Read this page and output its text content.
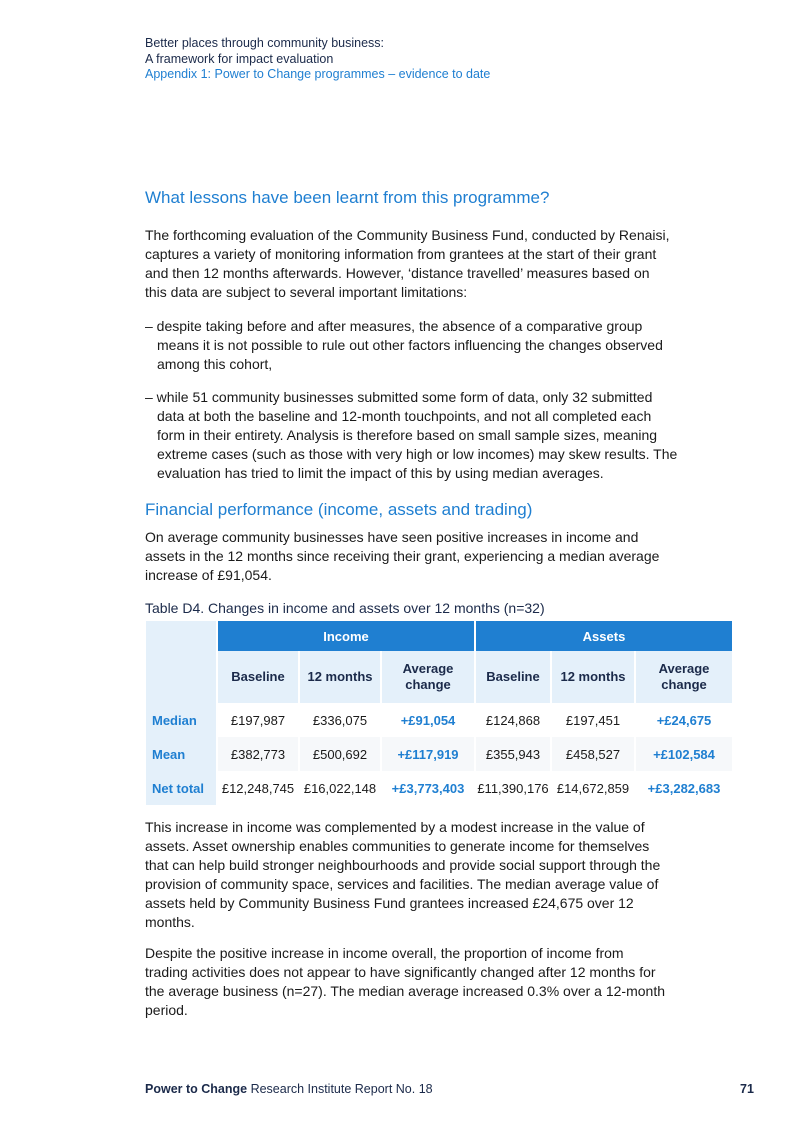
Better places through community business:
A framework for impact evaluation
Appendix 1: Power to Change programmes – evidence to date
What lessons have been learnt from this programme?

The forthcoming evaluation of the Community Business Fund, conducted by Renaisi, captures a variety of monitoring information from grantees at the start of their grant and then 12 months afterwards. However, ‘distance travelled’ measures based on this data are subject to several important limitations:

– despite taking before and after measures, the absence of a comparative group means it is not possible to rule out other factors influencing the changes observed among this cohort,
– while 51 community businesses submitted some form of data, only 32 submitted data at both the baseline and 12-month touchpoints, and not all completed each form in their entirety. Analysis is therefore based on small sample sizes, meaning extreme cases (such as those with very high or low incomes) may skew results. The evaluation has tried to limit the impact of this by using median averages.
Financial performance (income, assets and trading)

On average community businesses have seen positive increases in income and assets in the 12 months since receiving their grant, experiencing a median average increase of £91,054.

Table D4. Changes in income and assets over 12 months (n=32)
	Income			Assets		
	Baseline	12 months	Average change	Baseline	12 months	Average change
Median	£197,987	£336,075	+£91,054	£124,868	£197,451	+£24,675
Mean	£382,773	£500,692	+£117,919	£355,943	£458,527	+£102,584
Net total	£12,248,745	£16,022,148	+£3,773,403	£11,390,176	£14,672,859	+£3,282,683

This increase in income was complemented by a modest increase in the value of assets. Asset ownership enables communities to generate income for themselves that can help build stronger neighbourhoods and provide social support through the provision of community space, services and facilities. The median average value of assets held by Community Business Fund grantees increased £24,675 over 12 months.

Despite the positive increase in income overall, the proportion of income from trading activities does not appear to have significantly changed after 12 months for the average business (n=27). The median average increased 0.3% over a 12-month period.

Power to Change Research Institute Report No. 18	71
